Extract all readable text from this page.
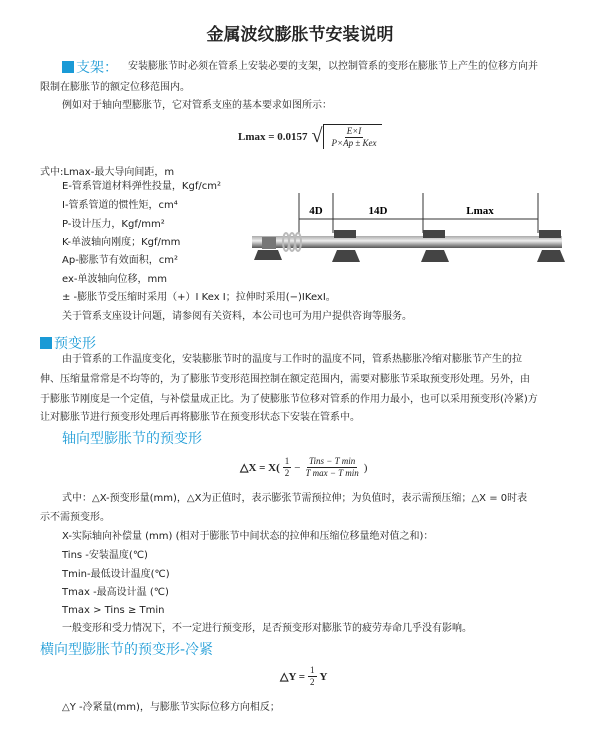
金属波纹膨胀节安装说明
支架： 安装膨胀节时必须在管系上安装必要的支架，以控制管系的变形在膨胀节上产生的位移方向并
限制在膨胀节的额定位移范围内。
例如对于轴向型膨胀节，它对管系支座的基本要求如图所示：
Lmax = 0.0157 √ $\frac{E\times I}{\text{P×Ap ± Kex}}$
式中:Lmax-最大导向间距，m
E-管系管道材料弹性投量，Kgf/cm²
I-管系管道的惯性矩，cm⁴
P-设计压力，Kgf/mm²
K-单波轴向刚度；Kgf/mm
Ap-膨胀节有效面积，cm²
ex-单波轴向位移，mm
± -膨胀节受压缩时采用（+）I Kex I；拉伸时采用(−)IKexI。
关于管系支座设计问题，请参阅有关资料，本公司也可为用户提供咨询等服务。
4D	14D	Lmax
预变形
由于管系的工作温度变化，安装膨胀节时的温度与工作时的温度不同，管系热膨胀冷缩对膨胀节产生的拉
伸、压缩量常常是不均等的，为了膨胀节变形范围控制在额定范围内，需要对膨胀节采取预变形处理。另外，由
于膨胀节刚度是一个定值，与补偿量成正比。为了使膨胀节位移对管系的作用力最小，也可以采用预变形(冷紧)方
让对膨胀节进行预变形处理后再将膨胀节在预变形状态下安装在管系中。
轴向型膨胀节的预变形
△X = $X( \frac{1}{2} - \frac{\text{Tins − T min}}{\text{T max − T min}}$ )
式中：△X-预变形量(mm)，△X为正值时，表示膨张节需预拉伸；为负值时，表示需预压缩；△X = 0时表
示不需预变形。
X-实际轴向补偿量 (mm) (相对于膨胀节中间状态的拉伸和压缩位移量绝对值之和)：
Tins -安装温度(℃)
Tmin-最低设计温度(℃)
Tmax -最高设计温 (℃)
Tmax > Tins ≥ Tmin
一般变形和受力情况下，不一定进行预变形，足否预变形对膨胀节的疲劳寿命几乎没有影响。
横向型膨胀节的预变形-冷紧
△Y = $\frac{1}{2}$ Y
△Y -冷紧量(mm)，与膨胀节实际位移方向相反；
